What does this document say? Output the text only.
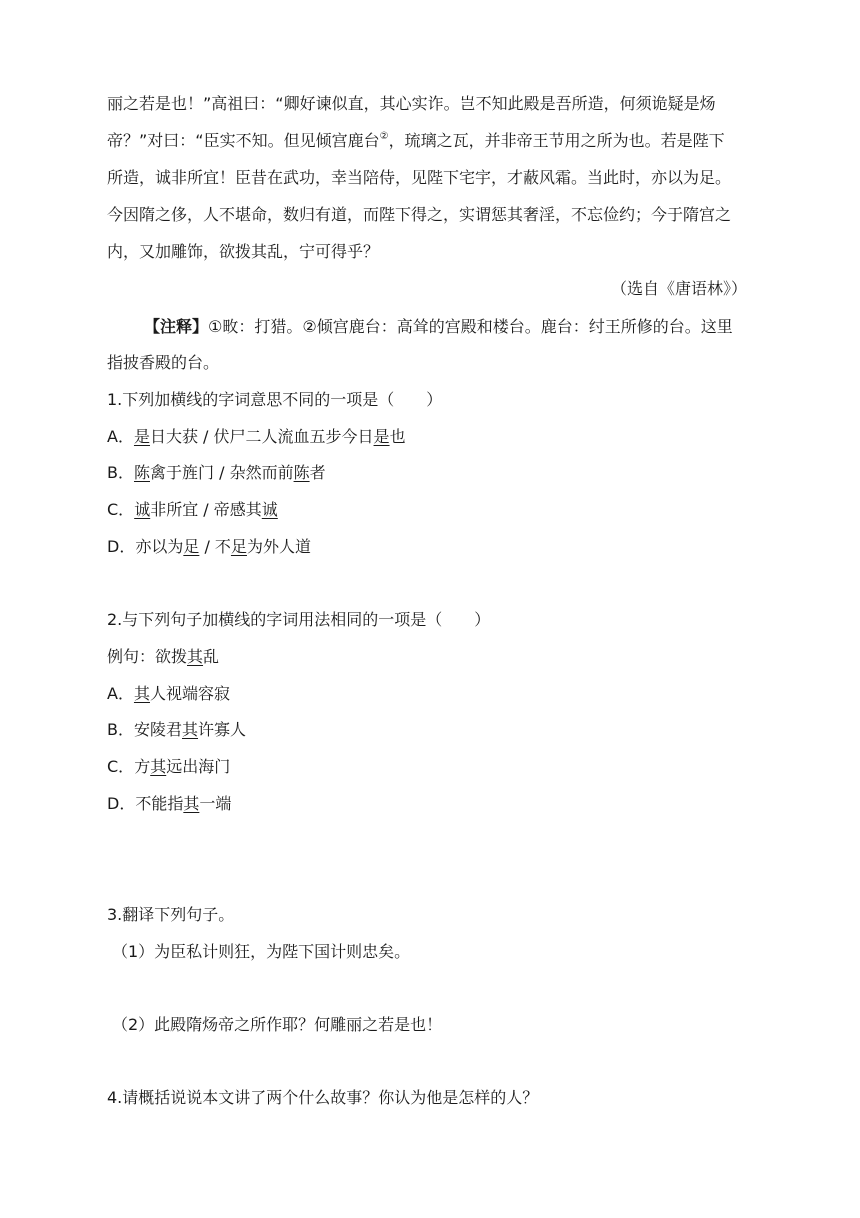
丽之若是也！”高祖曰：“卿好谏似直，其心实诈。岂不知此殿是吾所造，何须诡疑是炀
帝？”对曰：“臣实不知。但见倾宫鹿台②，琉璃之瓦，并非帝王节用之所为也。若是陛下
所造，诚非所宜！臣昔在武功，幸当陪侍，见陛下宅宇，才蔽风霜。当此时，亦以为足。
今因隋之侈，人不堪命，数归有道，而陛下得之，实谓惩其奢淫，不忘俭约；今于隋宫之
内，又加雕饰，欲拨其乱，宁可得乎？
（选自《唐语林》）
【注释】①畋：打猎。②倾宫鹿台：高耸的宫殿和楼台。鹿台：纣王所修的台。这里
指披香殿的台。
1.下列加横线的字词意思不同的一项是（　　）
A．是日大获 / 伏尸二人流血五步今日是也
B．陈禽于旌门 / 杂然而前陈者
C．诚非所宜 / 帝感其诚
D．亦以为足 / 不足为外人道
2.与下列句子加横线的字词用法相同的一项是（　　）
例句：欲拨其乱
A．其人视端容寂
B．安陵君其许寡人
C．方其远出海门
D．不能指其一端
3.翻译下列句子。
（1）为臣私计则狂，为陛下国计则忠矣。
（2）此殿隋炀帝之所作耶？何雕丽之若是也！
4.请概括说说本文讲了两个什么故事？你认为他是怎样的人？
